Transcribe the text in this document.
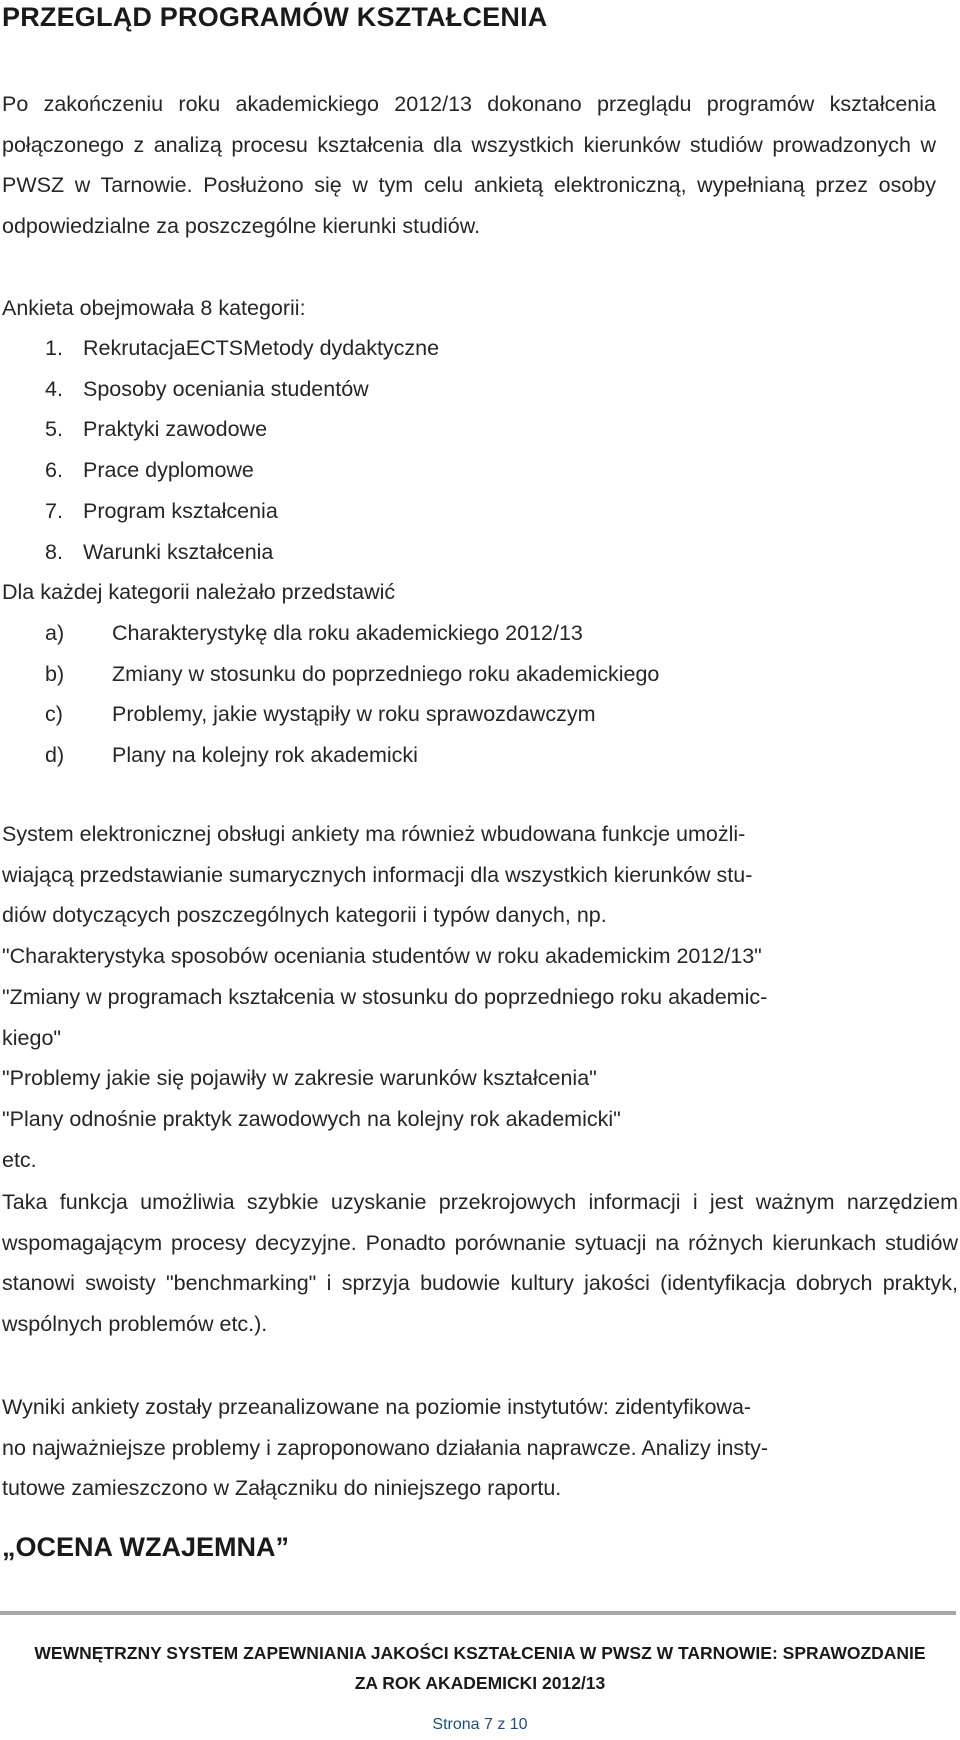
PRZEGLĄD PROGRAMÓW KSZTAŁCENIA

Po zakończeniu roku akademickiego 2012/13 dokonano przeglądu programów kształcenia połączonego z analizą procesu kształcenia dla wszystkich kierunków studiów prowadzonych w PWSZ w Tarnowie. Posłużono się w tym celu ankietą elektroniczną, wypełnianą przez osoby odpowiedzialne za poszczególne kierunki studiów.

Ankieta obejmowała 8 kategorii:
1. RekrutacjaECTSMetody dydaktyczne
4. Sposoby oceniania studentów
5. Praktyki zawodowe
6. Prace dyplomowe
7. Program kształcenia
8. Warunki kształcenia
Dla każdej kategorii należało przedstawić
a) Charakterystykę dla roku akademickiego 2012/13
b) Zmiany w stosunku do poprzedniego roku akademickiego
c) Problemy, jakie wystąpiły w roku sprawozdawczym
d) Plany na kolejny rok akademicki

System elektronicznej obsługi ankiety ma również wbudowana funkcje umożli-

wiającą przedstawianie sumarycznych informacji dla wszystkich kierunków stu-

diów dotyczących poszczególnych kategorii i typów danych, np.

"Charakterystyka sposobów oceniania studentów w roku akademickim 2012/13"

"Zmiany w programach kształcenia w stosunku do poprzedniego roku akademic-

kiego"

"Problemy jakie się pojawiły w zakresie warunków kształcenia"

"Plany odnośnie praktyk zawodowych na kolejny rok akademicki"

etc.

Taka funkcja umożliwia szybkie uzyskanie przekrojowych informacji i jest ważnym narzędziem wspomagającym procesy decyzyjne. Ponadto porównanie sytuacji na różnych kierunkach studiów stanowi swoisty "benchmarking" i sprzyja budowie kultury jakości (identyfikacja dobrych praktyk, wspólnych problemów etc.).

Wyniki ankiety zostały przeanalizowane na poziomie instytutów: zidentyfikowa-

no najważniejsze problemy i zaproponowano działania naprawcze. Analizy insty-

tutowe zamieszczono w Załączniku do niniejszego raportu.

„OCENA WZAJEMNA”
WEWNĘTRZNY SYSTEM ZAPEWNIANIA JAKOŚCI KSZTAŁCENIA W PWSZ W TARNOWIE: SPRAWOZDANIE
ZA ROK AKADEMICKI 2012/13
Strona 7 z 10
